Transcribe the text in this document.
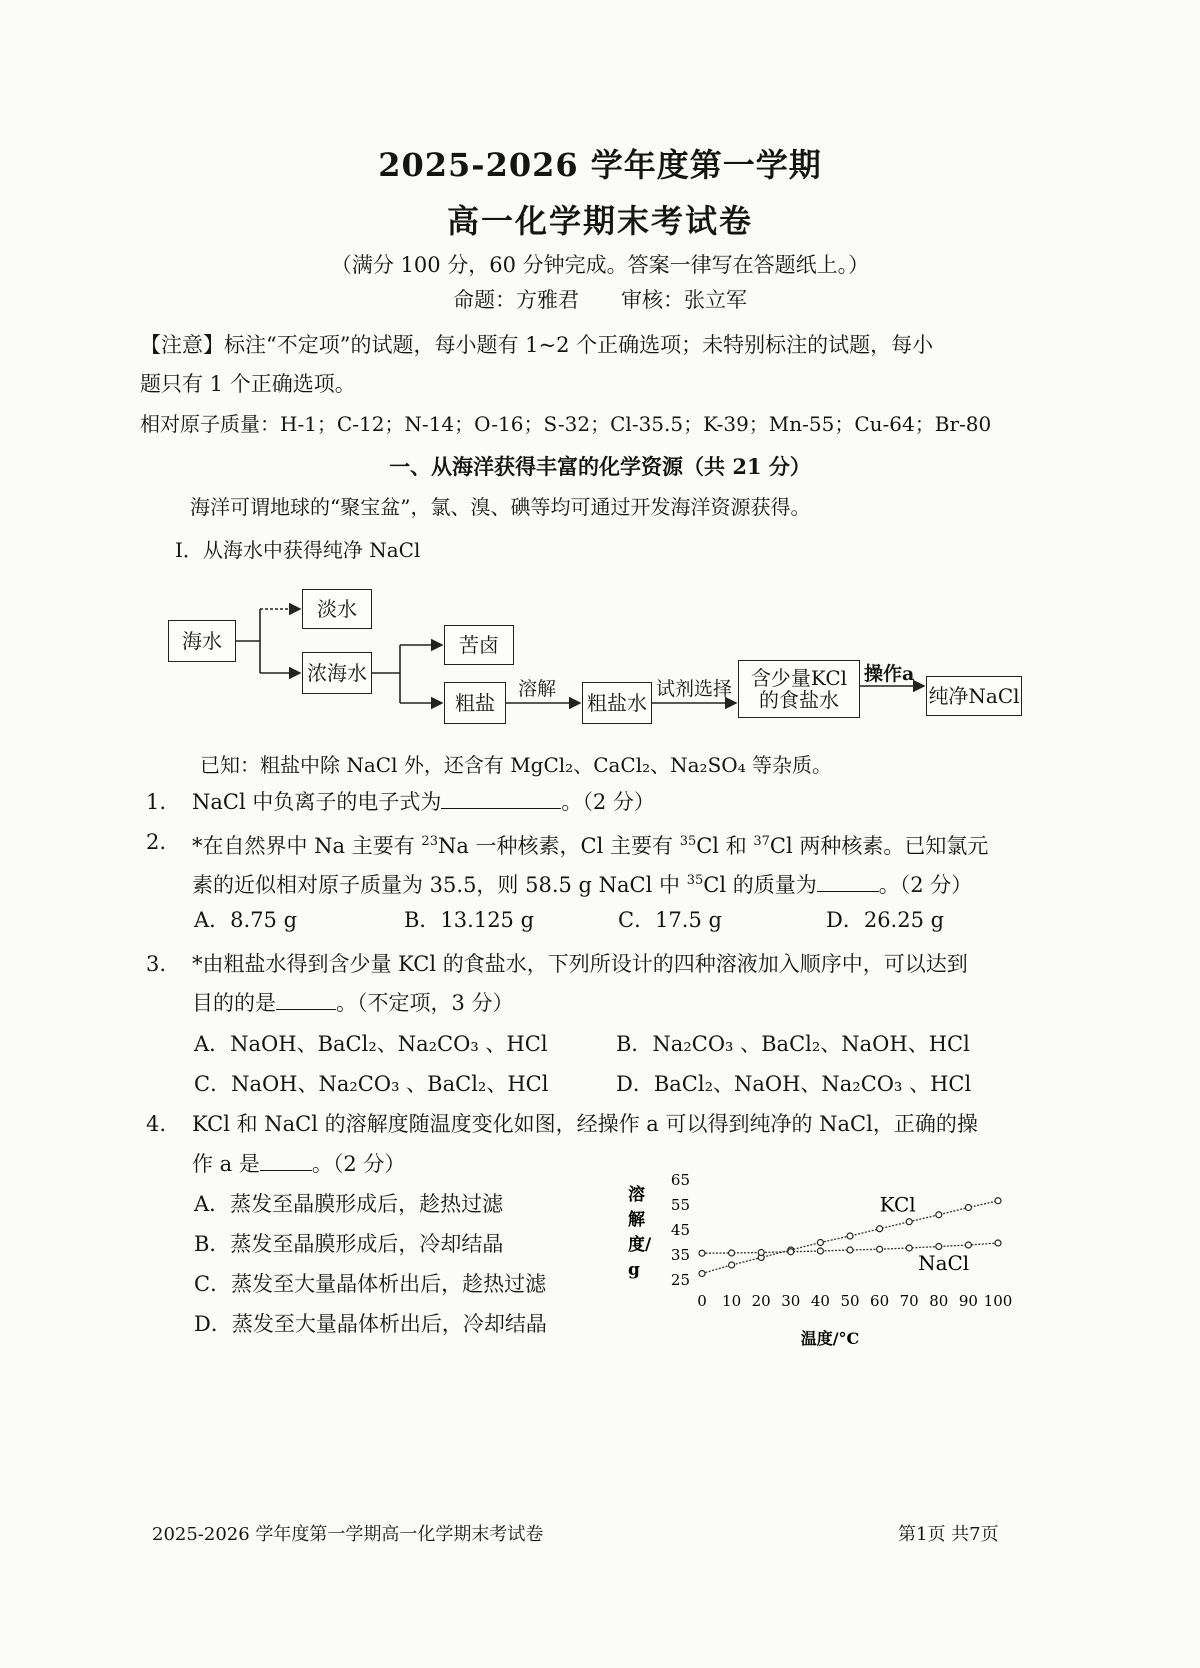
2025-2026 学年度第一学期
高一化学期末考试卷
（满分 100 分，60 分钟完成。答案一律写在答题纸上。）
命题：方雅君　　审核：张立军
【注意】标注“不定项”的试题，每小题有 1~2 个正确选项；未特别标注的试题，每小
题只有 1 个正确选项。
相对原子质量：H-1；C-12；N-14；O-16；S-32；Cl-35.5；K-39；Mn-55；Cu-64；Br-80
一、从海洋获得丰富的化学资源（共 21 分）
海洋可谓地球的“聚宝盆”，氯、溴、碘等均可通过开发海洋资源获得。
I．从海水中获得纯净 NaCl
海水
淡水
浓海水
苦卤
粗盐
溶解
粗盐水
试剂选择 含少量KCl
的食盐水
操作a
纯净NaCl
已知：粗盐中除 NaCl 外，还含有 MgCl₂、CaCl₂、Na₂SO₄ 等杂质。
1. NaCl 中负离子的电子式为	。（2 分）
2. *在自然界中 Na 主要有 $^{23}$Na 一种核素，Cl 主要有 $^{35}$Cl 和 $^{37}$Cl 两种核素。已知氯元
素的近似相对原子质量为 35.5，则 58.5 g NaCl 中 $^{35}$Cl 的质量为	。（2 分）
A．8.75 g	B．13.125 g	C．17.5 g	D．26.25 g
3. *由粗盐水得到含少量 KCl 的食盐水，下列所设计的四种溶液加入顺序中，可以达到
目的的是	。（不定项，3 分）
A．NaOH、BaCl₂、Na₂CO₃ 、HCl	B．Na₂CO₃ 、BaCl₂、NaOH、HCl
C．NaOH、Na₂CO₃ 、BaCl₂、HCl	D．BaCl₂、NaOH、Na₂CO₃ 、HCl
4. KCl 和 NaCl 的溶解度随温度变化如图，经操作 a 可以得到纯净的 NaCl，正确的操
作 a 是 。（2 分）
A．蒸发至晶膜形成后，趁热过滤
B．蒸发至晶膜形成后，冷却结晶
C．蒸发至大量晶体析出后，趁热过滤
D．蒸发至大量晶体析出后，冷却结晶
25
35
45
55
65
0 10 20 30 40 50 60 70 80 90 100
溶
解
度/
g
温度/°C
KCl
NaCl
2025-2026 学年度第一学期高一化学期末考试卷	第1页 共7页
